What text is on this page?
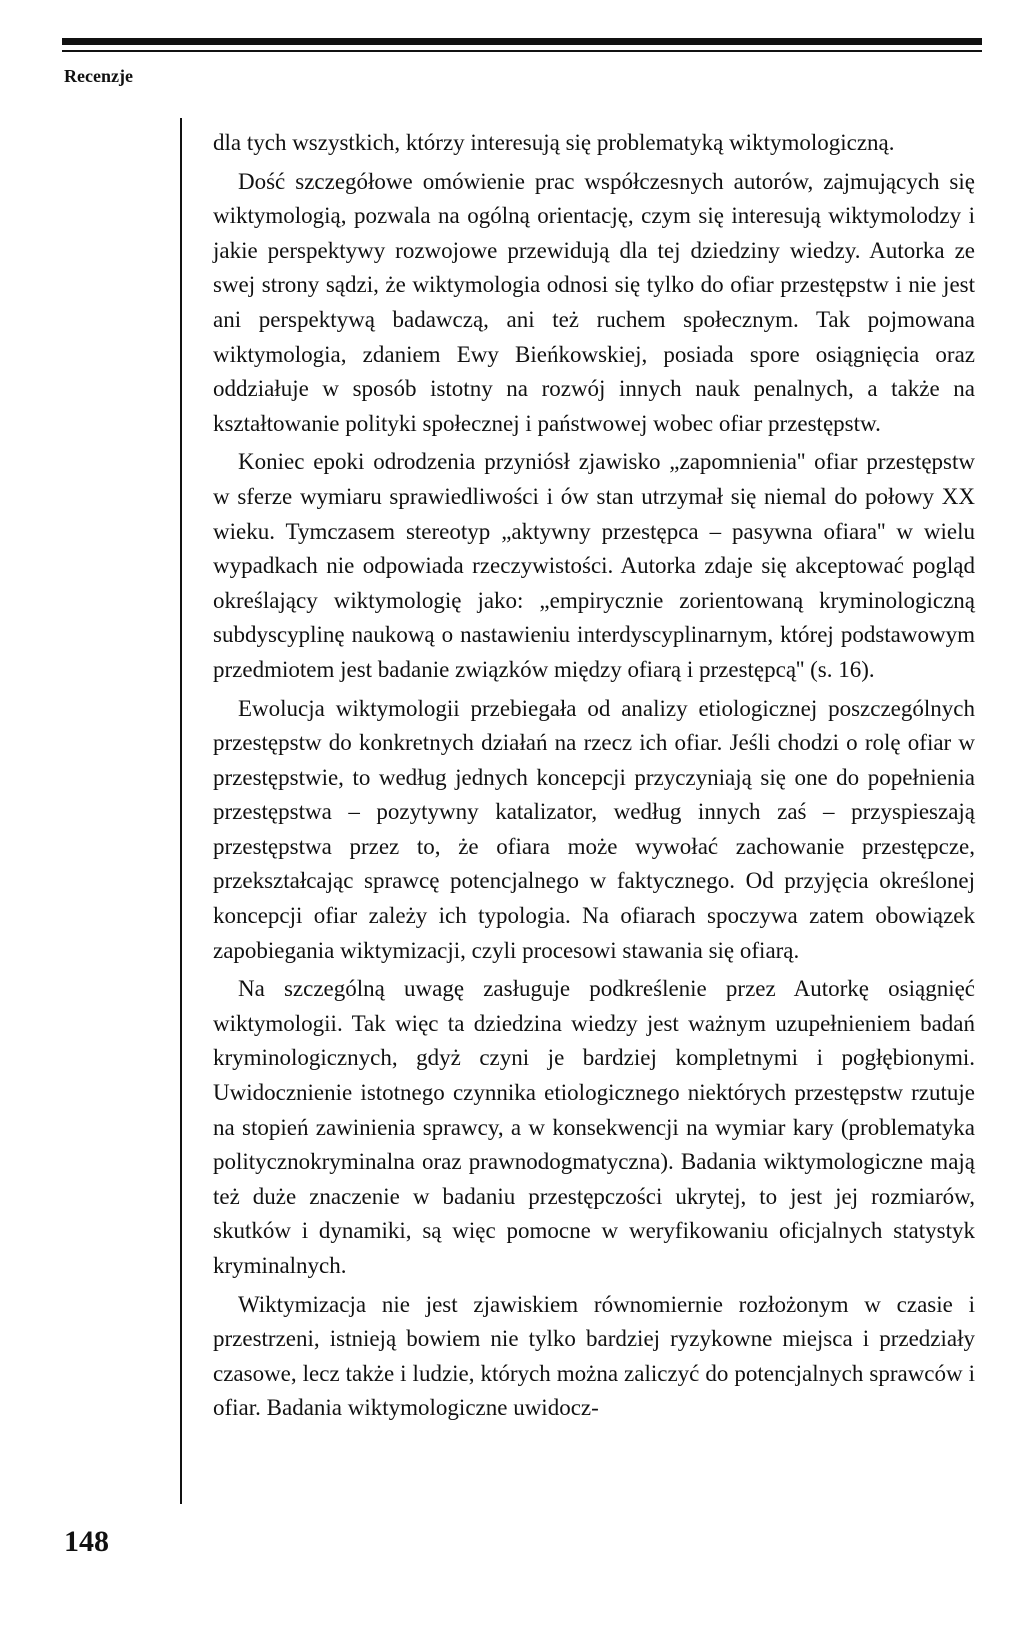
Recenzje

dla tych wszystkich, którzy interesują się problematyką wiktymologiczną.

Dość szczegółowe omówienie prac współczesnych autorów, zajmujących się wiktymologią, pozwala na ogólną orientację, czym się interesują wiktymolodzy i jakie perspektywy rozwojowe przewidują dla tej dziedziny wiedzy. Autorka ze swej strony sądzi, że wiktymologia odnosi się tylko do ofiar przestępstw i nie jest ani perspektywą badawczą, ani też ruchem społecznym. Tak pojmowana wiktymologia, zdaniem Ewy Bieńkowskiej, posiada spore osiągnięcia oraz oddziałuje w sposób istotny na rozwój innych nauk penalnych, a także na kształtowanie polityki społecznej i państwowej wobec ofiar przestępstw.

Koniec epoki odrodzenia przyniósł zjawisko „zapomnienia'' ofiar przestępstw w sferze wymiaru sprawiedliwości i ów stan utrzymał się niemal do połowy XX wieku. Tymczasem stereotyp „aktywny przestępca – pasywna ofiara'' w wielu wypadkach nie odpowiada rzeczywistości. Autorka zdaje się akceptować pogląd określający wiktymologię jako: „empirycznie zorientowaną kryminologiczną subdyscyplinę naukową o nastawieniu interdyscyplinarnym, której podstawowym przedmiotem jest badanie związków między ofiarą i przestępcą'' (s. 16).

Ewolucja wiktymologii przebiegała od analizy etiologicznej poszczególnych przestępstw do konkretnych działań na rzecz ich ofiar. Jeśli chodzi o rolę ofiar w przestępstwie, to według jednych koncepcji przyczyniają się one do popełnienia przestępstwa – pozytywny katalizator, według innych zaś – przyspieszają przestępstwa przez to, że ofiara może wywołać zachowanie przestępcze, przekształcając sprawcę potencjalnego w faktycznego. Od przyjęcia określonej koncepcji ofiar zależy ich typologia. Na ofiarach spoczywa zatem obowiązek zapobiegania wiktymizacji, czyli procesowi stawania się ofiarą.

Na szczególną uwagę zasługuje podkreślenie przez Autorkę osiągnięć wiktymologii. Tak więc ta dziedzina wiedzy jest ważnym uzupełnieniem badań kryminologicznych, gdyż czyni je bardziej kompletnymi i pogłębionymi. Uwidocznienie istotnego czynnika etiologicznego niektórych przestępstw rzutuje na stopień zawinienia sprawcy, a w konsekwencji na wymiar kary (problematyka politycznokryminalna oraz prawnodogmatyczna). Badania wiktymologiczne mają też duże znaczenie w badaniu przestępczości ukrytej, to jest jej rozmiarów, skutków i dynamiki, są więc pomocne w weryfikowaniu oficjalnych statystyk kryminalnych.

Wiktymizacja nie jest zjawiskiem równomiernie rozłożonym w czasie i przestrzeni, istnieją bowiem nie tylko bardziej ryzykowne miejsca i przedziały czasowe, lecz także i ludzie, których można zaliczyć do potencjalnych sprawców i ofiar. Badania wiktymologiczne uwidocz-

148
